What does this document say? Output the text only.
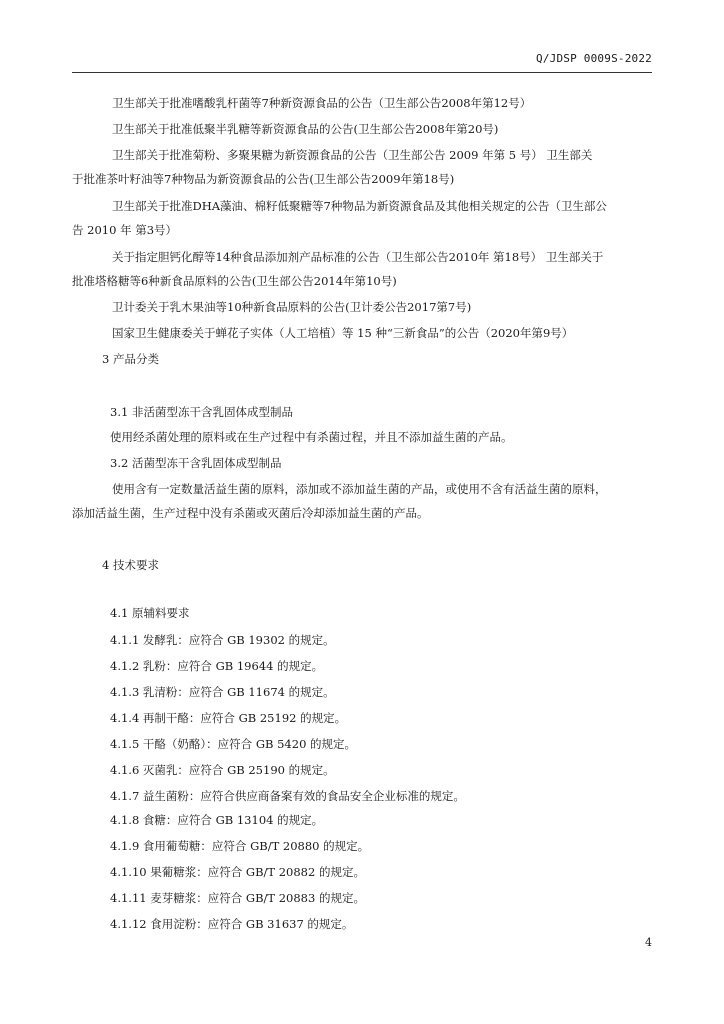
Q/JDSP 0009S-2022
卫生部关于批准嗜酸乳杆菌等7种新资源食品的公告（卫生部公告2008年第12号）
卫生部关于批准低聚半乳糖等新资源食品的公告(卫生部公告2008年第20号)
卫生部关于批准菊粉、多聚果糖为新资源食品的公告（卫生部公告 2009 年第 5 号） 卫生部关
于批准茶叶籽油等7种物品为新资源食品的公告(卫生部公告2009年第18号)
卫生部关于批准DHA藻油、棉籽低聚糖等7种物品为新资源食品及其他相关规定的公告（卫生部公
告 2010 年 第3号）
关于指定胆钙化醇等14种食品添加剂产品标准的公告（卫生部公告2010年 第18号） 卫生部关于
批准塔格糖等6种新食品原料的公告(卫生部公告2014年第10号)
卫计委关于乳木果油等10种新食品原料的公告(卫计委公告2017第7号)
国家卫生健康委关于蝉花子实体（人工培植）等 15 种“三新食品”的公告（2020年第9号）
3 产品分类
3.1 非活菌型冻干含乳固体成型制品
使用经杀菌处理的原料或在生产过程中有杀菌过程，并且不添加益生菌的产品。
3.2 活菌型冻干含乳固体成型制品
使用含有一定数量活益生菌的原料，添加或不添加益生菌的产品，或使用不含有活益生菌的原料，
添加活益生菌，生产过程中没有杀菌或灭菌后冷却添加益生菌的产品。
4 技术要求
4.1 原辅料要求
4.1.1 发酵乳：应符合 GB 19302 的规定。
4.1.2 乳粉：应符合 GB 19644 的规定。
4.1.3 乳清粉：应符合 GB 11674 的规定。
4.1.4 再制干酪：应符合 GB 25192 的规定。
4.1.5 干酪（奶酪）：应符合 GB 5420 的规定。
4.1.6 灭菌乳：应符合 GB 25190 的规定。
4.1.7 益生菌粉：应符合供应商备案有效的食品安全企业标准的规定。
4.1.8 食糖：应符合 GB 13104 的规定。
4.1.9 食用葡萄糖：应符合 GB/T 20880 的规定。
4.1.10 果葡糖浆：应符合 GB/T 20882 的规定。
4.1.11 麦芽糖浆：应符合 GB/T 20883 的规定。
4.1.12 食用淀粉：应符合 GB 31637 的规定。
4
